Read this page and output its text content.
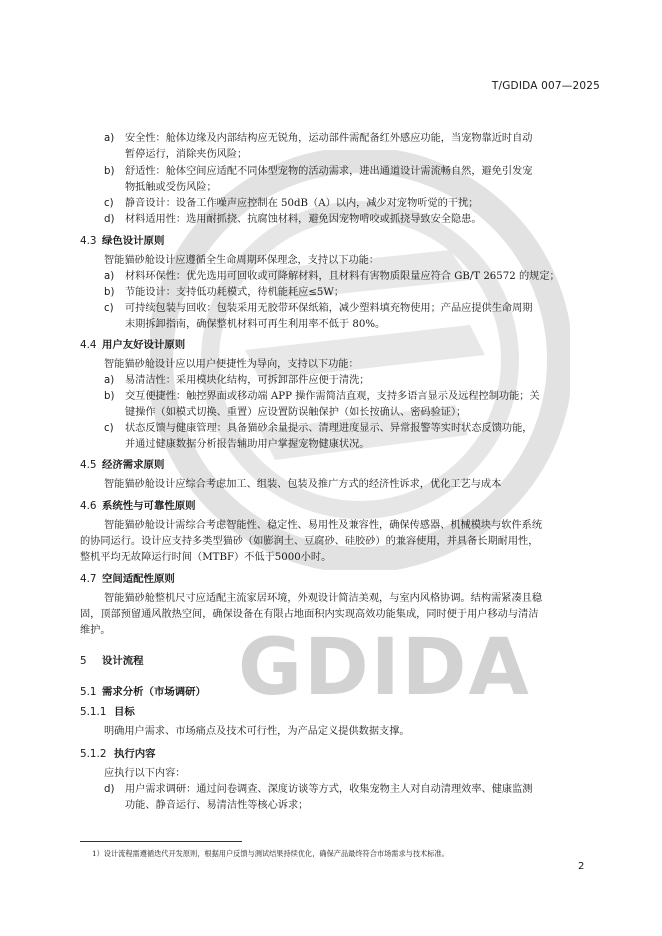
GDIDA
T/GDIDA 007—2025
a) 安全性：舱体边缘及内部结构应无锐角，运动部件需配备红外感应功能，当宠物靠近时自动
暂停运行，消除夹伤风险；
b) 舒适性：舱体空间应适配不同体型宠物的活动需求，进出通道设计需流畅自然，避免引发宠
物抵触或受伤风险；
c) 静音设计：设备工作噪声应控制在 50dB（A）以内，减少对宠物听觉的干扰；
d) 材料适用性：选用耐抓挠、抗腐蚀材料，避免因宠物啃咬或抓挠导致安全隐患。
4.3 绿色设计原则
智能猫砂舱设计应遵循全生命周期环保理念，支持以下功能：
a) 材料环保性：优先选用可回收或可降解材料，且材料有害物质限量应符合 GB/T 26572 的规定；
b) 节能设计：支持低功耗模式，待机能耗应≤5W；
c) 可持续包装与回收：包装采用无胶带环保纸箱，减少塑料填充物使用；产品应提供生命周期
末期拆卸指南，确保整机材料可再生利用率不低于 80%。
4.4 用户友好设计原则
智能猫砂舱设计应以用户便捷性为导向，支持以下功能：
a) 易清洁性：采用模块化结构，可拆卸部件应便于清洗；
b) 交互便捷性：触控界面或移动端 APP 操作需简洁直观，支持多语言显示及远程控制功能；关
键操作（如模式切换、重置）应设置防误触保护（如长按确认、密码验证）；
c) 状态反馈与健康管理：具备猫砂余量提示、清理进度显示、异常报警等实时状态反馈功能，
并通过健康数据分析报告辅助用户掌握宠物健康状况。
4.5 经济需求原则
智能猫砂舱设计应综合考虑加工、组装、包装及推广方式的经济性诉求，优化工艺与成本
4.6 系统性与可靠性原则
智能猫砂舱设计需综合考虑智能性、稳定性、易用性及兼容性，确保传感器、机械模块与软件系统
的协同运行。设计应支持多类型猫砂（如膨润土、豆腐砂、硅胶砂）的兼容使用，并具备长期耐用性，
整机平均无故障运行时间（MTBF）不低于5000小时。
4.7 空间适配性原则
智能猫砂舱整机尺寸应适配主流家居环境，外观设计简洁美观，与室内风格协调。结构需紧凑且稳
固，顶部预留通风散热空间，确保设备在有限占地面积内实现高效功能集成，同时便于用户移动与清洁
维护。
5 设计流程
5.1 需求分析（市场调研）
5.1.1 目标
明确用户需求、市场痛点及技术可行性，为产品定义提供数据支撑。
5.1.2 执行内容
应执行以下内容：
d) 用户需求调研：通过问卷调查、深度访谈等方式，收集宠物主人对自动清理效率、健康监测
功能、静音运行、易清洁性等核心诉求；
1）设计流程需遵循迭代开发原则，根据用户反馈与测试结果持续优化，确保产品最终符合市场需求与技术标准。
2
